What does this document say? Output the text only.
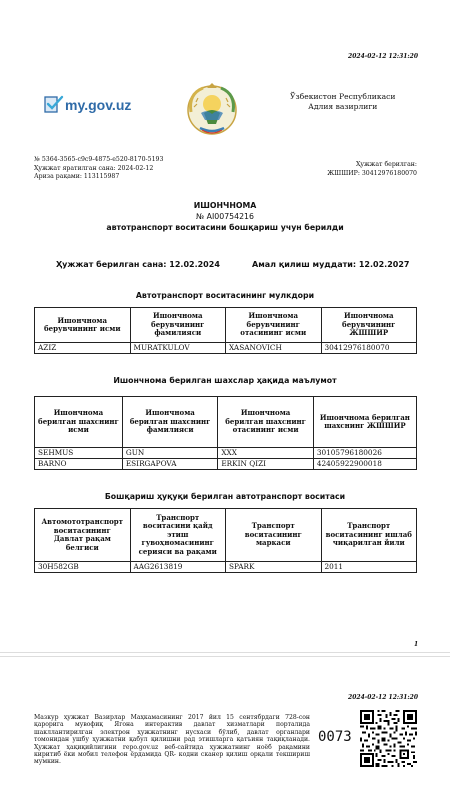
2024-02-12 12:31:20
my.gov.uz
Ўзбекистон Республикаси
Адлия вазирлиги
№ 5364-3565-c9c9-4875-e520-8170-5193
Ҳужжат яратилган сана: 2024-02-12
Ариза рақами: 113115987
Ҳужжат берилган:
ЖШШИР: 30412976180070
ИШОНЧНОМА
№ AI00754216
автотранспорт воситасини бошқариш учун берилди
Ҳужжат берилган сана: 12.02.2024	Амал қилиш муддати: 12.02.2027
Автотранспорт воситасининг мулкдори
Ишончнома берувчининг исми	Ишончнома берувчининг фамилияси	Ишончнома берувчининг отасининг исми	Ишончнома берувчининг ЖШШИР
AZIZ	MURATKULOV	XASANOVICH	30412976180070
Ишончнома берилган шахслар ҳақида маълумот
Ишончнома берилган шахснинг исми	Ишончнома берилган шахснинг фамилияси	Ишончнома берилган шахснинг отасининг исми	Ишончнома берилган шахснинг ЖШШИР
SEHMUS	GUN	XXX	30105796180026
BARNO	ESIRGAPOVA	ERKIN QIZI	42405922900018
Бошқариш ҳуқуқи берилган автотранспорт воситаси
Автомототранспорт воситасининг Давлат рақам белгиси	Транспорт воситасини қайд этиш гувоҳномасининг серияси ва рақами	Транспорт воситасининг маркаси	Транспорт воситасининг ишлаб чиқарилган йили
30H582GB	AAG2613819	SPARK	2011
1
2024-02-12 12:31:20
Мазкур ҳужжат Вазирлар Маҳкамасининг 2017 йил 15 сентябрдаги 728-сон қарорига мувофиқ Ягона интерактив давлат хизматлари порталида шакллантирилган электрон ҳужжатнинг нусхаси бўлиб, давлат органлари томонидан ушбу ҳужжатни қабул қилишни рад этишларга қатъиян тақиқланади. Ҳужжат ҳақиқийлигини repo.gov.uz веб-сайтида ҳужжатнинг ноёб рақамини киритиб ёки мобил телефон ёрдамида QR- кодни сканер қилиш орқали текшириш мумкин.
0073
